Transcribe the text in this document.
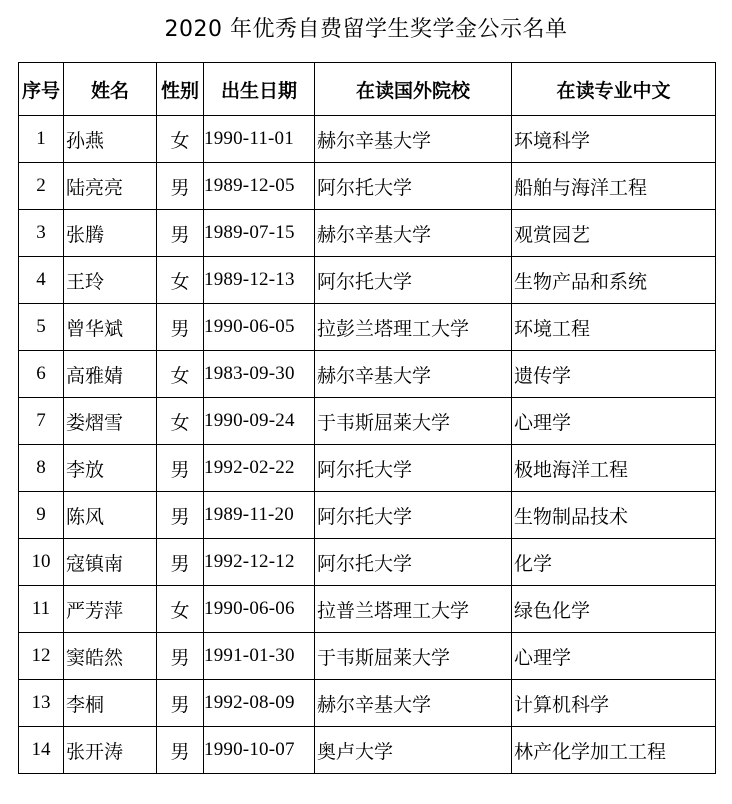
2020 年优秀自费留学生奖学金公示名单
序号	姓名	性别	出生日期	在读国外院校	在读专业中文
1	孙燕	女	1990-11-01	赫尔辛基大学	环境科学
2	陆亮亮	男	1989-12-05	阿尔托大学	船舶与海洋工程
3	张腾	男	1989-07-15	赫尔辛基大学	观赏园艺
4	王玲	女	1989-12-13	阿尔托大学	生物产品和系统
5	曾华斌	男	1990-06-05	拉彭兰塔理工大学	环境工程
6	高雅婧	女	1983-09-30	赫尔辛基大学	遗传学
7	娄熠雪	女	1990-09-24	于韦斯屈莱大学	心理学
8	李放	男	1992-02-22	阿尔托大学	极地海洋工程
9	陈风	男	1989-11-20	阿尔托大学	生物制品技术
10	寇镇南	男	1992-12-12	阿尔托大学	化学
11	严芳萍	女	1990-06-06	拉普兰塔理工大学	绿色化学
12	窦皓然	男	1991-01-30	于韦斯屈莱大学	心理学
13	李桐	男	1992-08-09	赫尔辛基大学	计算机科学
14	张开涛	男	1990-10-07	奥卢大学	林产化学加工工程
